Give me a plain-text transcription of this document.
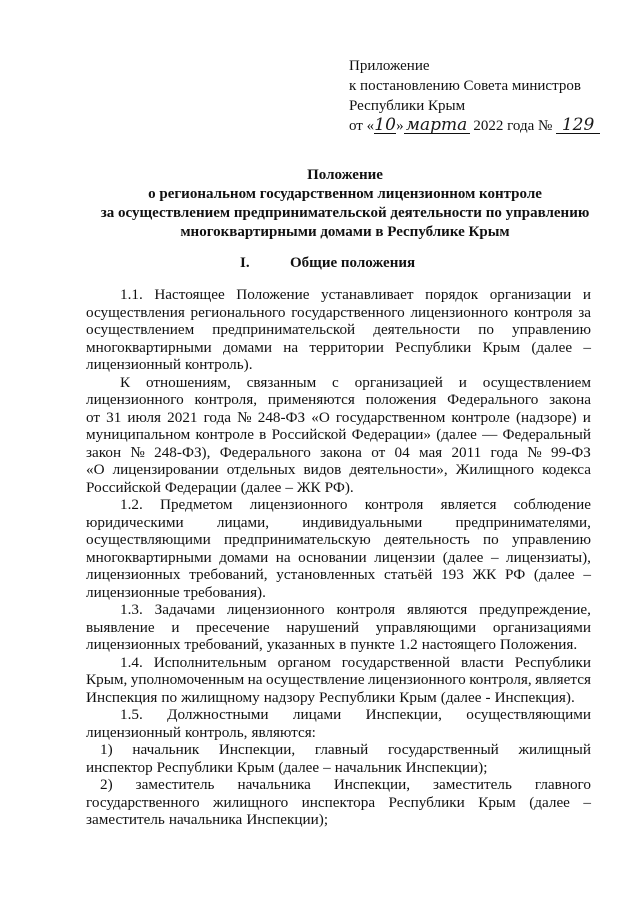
Приложение
к постановлению Совета министров
Республики Крым
от «10» марта 2022 года № 129
Положение
о региональном государственном лицензионном контроле
за осуществлением предпринимательской деятельности по управлению
многоквартирными домами в Республике Крым
I.	Общие положения
1.1. Настоящее Положение устанавливает порядок организации и
осуществления регионального государственного лицензионного контроля за
осуществлением предпринимательской деятельности по управлению
многоквартирными домами на территории Республики Крым (далее –
лицензионный контроль).
К отношениям, связанным с организацией и осуществлением
лицензионного контроля, применяются положения Федерального закона
от 31 июля 2021 года № 248-ФЗ «О государственном контроле (надзоре) и
муниципальном контроле в Российской Федерации» (далее — Федеральный
закон № 248-ФЗ), Федерального закона от 04 мая 2011 года № 99-ФЗ
«О лицензировании отдельных видов деятельности», Жилищного кодекса
Российской Федерации (далее – ЖК РФ).
1.2. Предметом лицензионного контроля является соблюдение
юридическими лицами, индивидуальными предпринимателями,
осуществляющими предпринимательскую деятельность по управлению
многоквартирными домами на основании лицензии (далее – лицензиаты),
лицензионных требований, установленных статьёй 193 ЖК РФ (далее –
лицензионные требования).
1.3. Задачами лицензионного контроля являются предупреждение,
выявление и пресечение нарушений управляющими организациями
лицензионных требований, указанных в пункте 1.2 настоящего Положения.
1.4. Исполнительным органом государственной власти Республики
Крым, уполномоченным на осуществление лицензионного контроля, является
Инспекция по жилищному надзору Республики Крым (далее - Инспекция).
1.5. Должностными лицами Инспекции, осуществляющими
лицензионный контроль, являются:
1) начальник Инспекции, главный государственный жилищный
инспектор Республики Крым (далее – начальник Инспекции);
2) заместитель начальника Инспекции, заместитель главного
государственного жилищного инспектора Республики Крым (далее –
заместитель начальника Инспекции);
